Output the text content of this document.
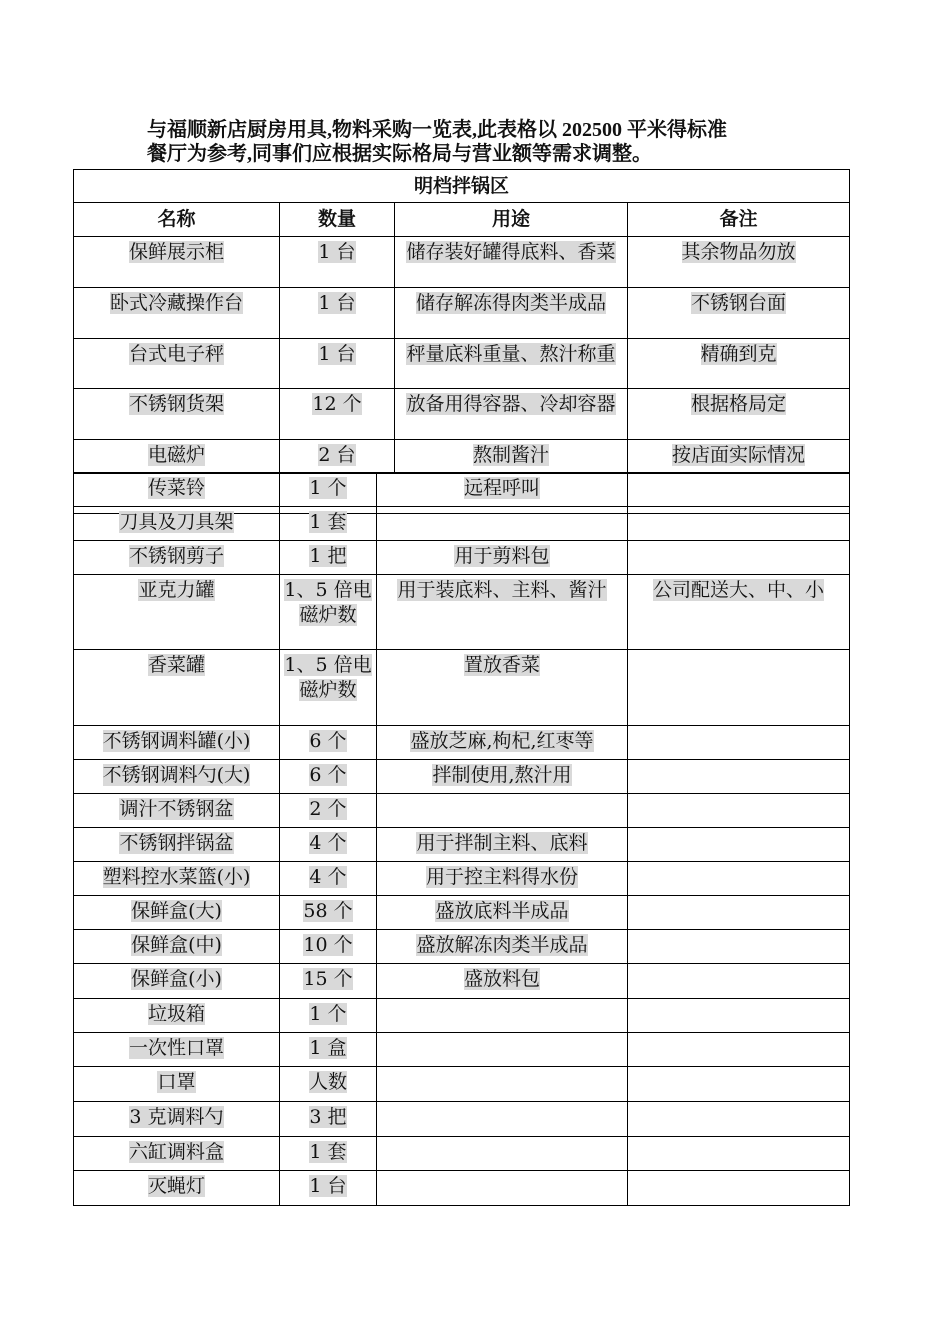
与福顺新店厨房用具,物料采购一览表,此表格以 202500 平米得标准
餐厅为参考,同事们应根据实际格局与营业额等需求调整。
明档拌锅区			
名称	数量	用途	备注
保鲜展示柜	1 台	储存装好罐得底料、香菜	其余物品勿放
卧式冷藏操作台	1 台	储存解冻得肉类半成品	不锈钢台面
台式电子秤	1 台	秤量底料重量、熬汁称重	精确到克
不锈钢货架	12 个	放备用得容器、冷却容器	根据格局定
电磁炉	2 台	熬制酱汁	按店面实际情况

传菜铃	1 个	远程呼叫	
刀具及刀具架	1 套		
不锈钢剪子	1 把	用于剪料包	
亚克力罐	1、5 倍电磁炉数	用于装底料、主料、酱汁	公司配送大、中、小
香菜罐	1、5 倍电磁炉数	置放香菜	
不锈钢调料罐(小)	6 个	盛放芝麻,枸杞,红枣等	
不锈钢调料勺(大)	6 个	拌制使用,熬汁用	
调汁不锈钢盆	2 个		
不锈钢拌锅盆	4 个	用于拌制主料、底料	
塑料控水菜篮(小)	4 个	用于控主料得水份	
保鲜盒(大)	58 个	盛放底料半成品	
保鲜盒(中)	10 个	盛放解冻肉类半成品	
保鲜盒(小)	15 个	盛放料包	
垃圾箱	1 个		
一次性口罩	1 盒		
口罩	人数		
3 克调料勺	3 把		
六缸调料盒	1 套		
灭蝇灯	1 台		
